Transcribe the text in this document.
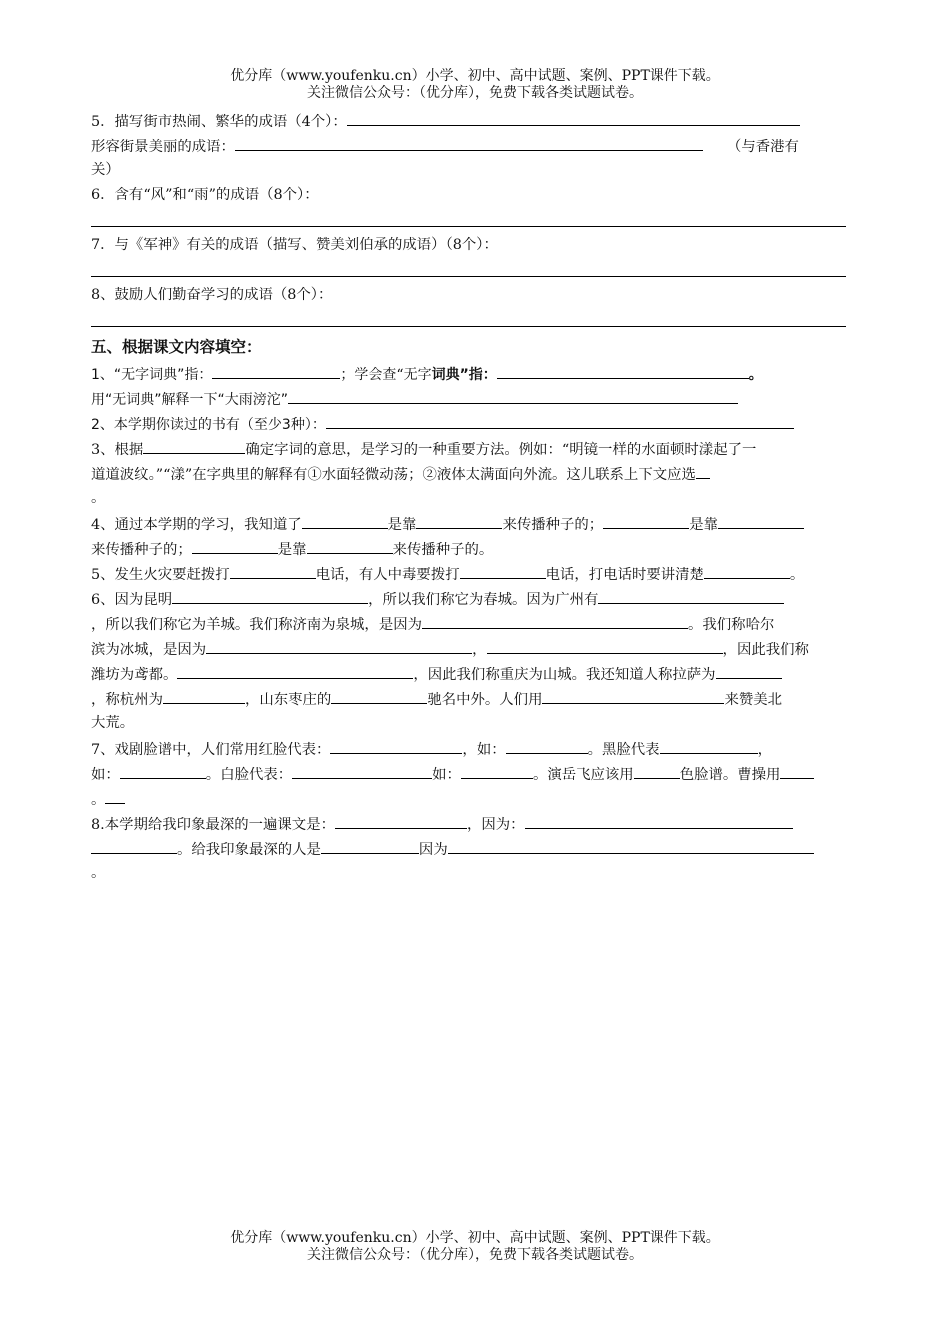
优分库（www.youfenku.cn）小学、初中、高中试题、案例、PPT课件下载。
关注微信公众号：（优分库），免费下载各类试题试卷。
5．描写街市热闹、繁华的成语（4个）：
形容街景美丽的成语：	（与香港有
关）
6．含有“风”和“雨”的成语（8个）：
7．与《军神》有关的成语（描写、赞美刘伯承的成语）（8个）：
8、鼓励人们勤奋学习的成语（8个）：
五、根据课文内容填空：
1、“无字词典”指：	；学会查“无字词典”指：	。
用“无词典”解释一下“大雨滂沱”
2、本学期你读过的书有（至少3种）：
3、根据	确定字词的意思，是学习的一种重要方法。例如：“明镜一样的水面顿时漾起了一
道道波纹。”“漾”在字典里的解释有①水面轻微动荡；②液体太满面向外流。这儿联系上下文应选
。
4、通过本学期的学习，我知道了	是靠	来传播种子的；	是靠
来传播种子的；	是靠	来传播种子的。
5、发生火灾要赶拨打	电话，有人中毒要拨打	电话，打电话时要讲清楚	。
6、因为昆明	，所以我们称它为春城。因为广州有
，所以我们称它为羊城。我们称济南为泉城，是因为	。我们称哈尔
滨为冰城，是因为	，	，因此我们称
潍坊为鸢都。	，因此我们称重庆为山城。我还知道人称拉萨为
，称杭州为	，山东枣庄的	驰名中外。人们用	来赞美北
大荒。
7、戏剧脸谱中，人们常用红脸代表：	，如：	。黑脸代表	，
如：	。白脸代表：	如：	。演岳飞应该用	色脸谱。曹操用
。
8.本学期给我印象最深的一遍课文是：	，因为：
。给我印象最深的人是	因为
。
优分库（www.youfenku.cn）小学、初中、高中试题、案例、PPT课件下载。
关注微信公众号：（优分库），免费下载各类试题试卷。
